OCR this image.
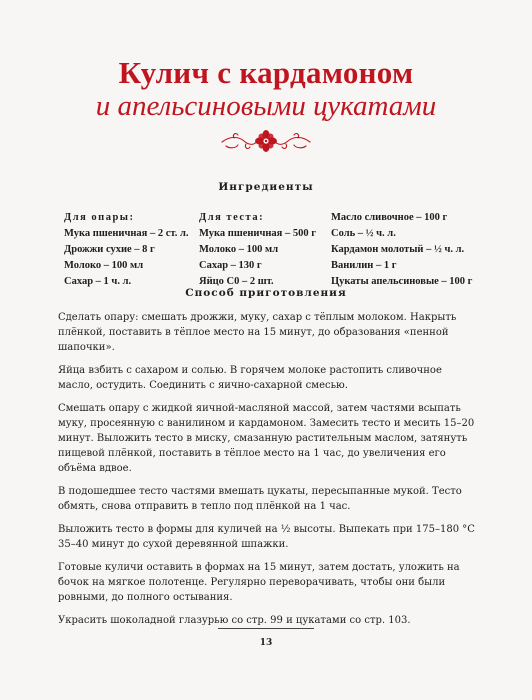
Кулич с кардамоном
и апельсиновыми цукатами
Ингредиенты
Для опары:
Мука пшеничная – 2 ст. л.
Дрожжи сухие – 8 г
Молоко – 100 мл
Сахар – 1 ч. л.
Для теста:
Мука пшеничная – 500 г
Молоко – 100 мл
Сахар – 130 г
Яйцо С0 – 2 шт.
Масло сливочное – 100 г
Соль – ½ ч. л.
Кардамон молотый – ½ ч. л.
Ванилин – 1 г
Цукаты апельсиновые – 100 г
Способ приготовления

Сделать опару: смешать дрожжи, муку, сахар с тёплым молоком. Накрыть плёнкой, поставить в тёплое место на 15 минут, до образования «пенной шапочки».

Яйца взбить с сахаром и солью. В горячем молоке растопить сливочное масло, остудить. Соединить с яично-сахарной смесью.

Смешать опару с жидкой яичной-масляной массой, затем частями всыпать муку, просеянную с ванилином и кардамоном. Замесить тесто и месить 15–20 минут. Выложить тесто в миску, смазанную растительным маслом, затянуть пищевой плёнкой, поставить в тёплое место на 1 час, до увеличения его объёма вдвое.

В подошедшее тесто частями вмешать цукаты, пересыпанные мукой. Тесто обмять, снова отправить в тепло под плёнкой на 1 час.

Выложить тесто в формы для куличей на ½ высоты. Выпекать при 175–180 °С 35–40 минут до сухой деревянной шпажки.

Готовые куличи оставить в формах на 15 минут, затем достать, уложить на бочок на мягкое полотенце. Регулярно переворачивать, чтобы они были ровными, до полного остывания.

Украсить шоколадной глазурью со стр. 99 и цукатами со стр. 103.

13
